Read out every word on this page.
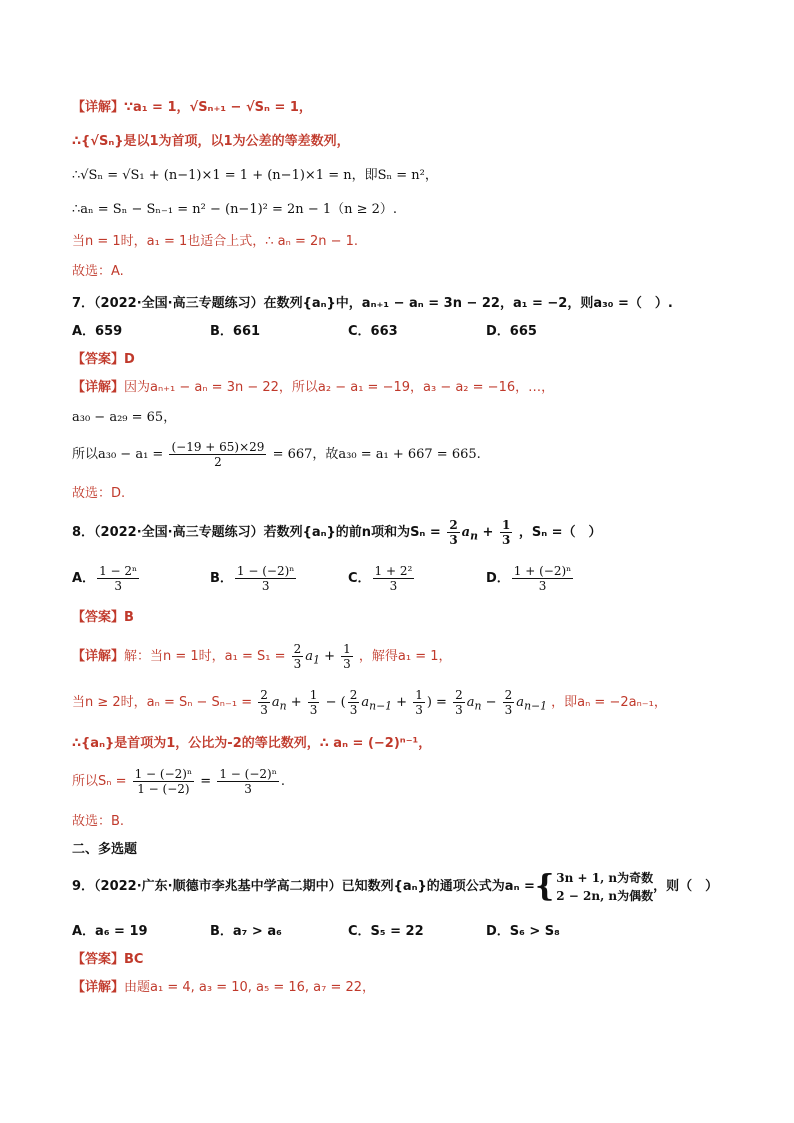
【详解】∵a₁ = 1，√Sₙ₊₁ − √Sₙ = 1，
∴{√Sₙ}是以1为首项，以1为公差的等差数列，
∴√Sₙ = √S₁ + (n−1)×1 = 1 + (n−1)×1 = n，即Sₙ = n²，
∴aₙ = Sₙ − Sₙ₋₁ = n² − (n−1)² = 2n − 1（n ≥ 2）.
当n = 1时，a₁ = 1也适合上式，∴ aₙ = 2n − 1.
故选：A.
7．（2022·全国·高三专题练习）在数列{aₙ}中，aₙ₊₁ − aₙ = 3n − 22，a₁ = −2，则a₃₀ =（　）.
A．659	B．661	C．663	D．665
【答案】D
【详解】因为aₙ₊₁ − aₙ = 3n − 22，所以a₂ − a₁ = −19，a₃ − a₂ = −16，…，
a₃₀ − a₂₉ = 65，
所以$a_{30} - a_1 = \frac{(-19 + 65)\times 29}{2} = 667$，故a₃₀ = a₁ + 667 = 665.
故选：D.
8．（2022·全国·高三专题练习）若数列{aₙ}的前n项和为$S_n = \frac{2}{3} a_n + \frac{1}{3}$ ，Sₙ =（　）
A． $\frac{\text{1 − 2ⁿ}}{3}$	B． $\frac{\text{1 − (−2)ⁿ}}{3}$	C． $\frac{\text{1 + 2²}}{3}$	D． $\frac{\text{1 + (−2)ⁿ}}{3}$
【答案】B
【详解】解：当n = 1时，$a_1 = S_1 = \frac{2}{3} a_1 + \frac{1}{3}$ ，解得a₁ = 1，
当n ≥ 2时，$a_n = S_n - S_{n-1} = \frac{2}{3} a_n + \frac{1}{3}$ − ( $\frac{2}{3} a_{n-1} + \frac{1}{3}$ ) = $\frac{2}{3} a_n - \frac{2}{3} a_{n-1}$ ，即aₙ = −2aₙ₋₁，
∴{aₙ}是首项为1，公比为-2的等比数列，∴ aₙ = (−2)ⁿ⁻¹，
所以$S_n = \frac{\text{1 − (−2)ⁿ}}{1 - (-2)} = \frac{\text{1 − (−2)ⁿ}}{3}$ .
故选：B.
二、多选题
9．（2022·广东·顺德市李兆基中学高二期中）已知数列{aₙ}的通项公式为aₙ ={ 3n + 1, n为奇数
2 − 2n, n为偶数
，则（　）
A．a₆ = 19	B．a₇ > a₆	C．S₅ = 22	D．S₆ > S₈
【答案】BC
【详解】由题a₁ = 4, a₃ = 10, a₅ = 16, a₇ = 22，
